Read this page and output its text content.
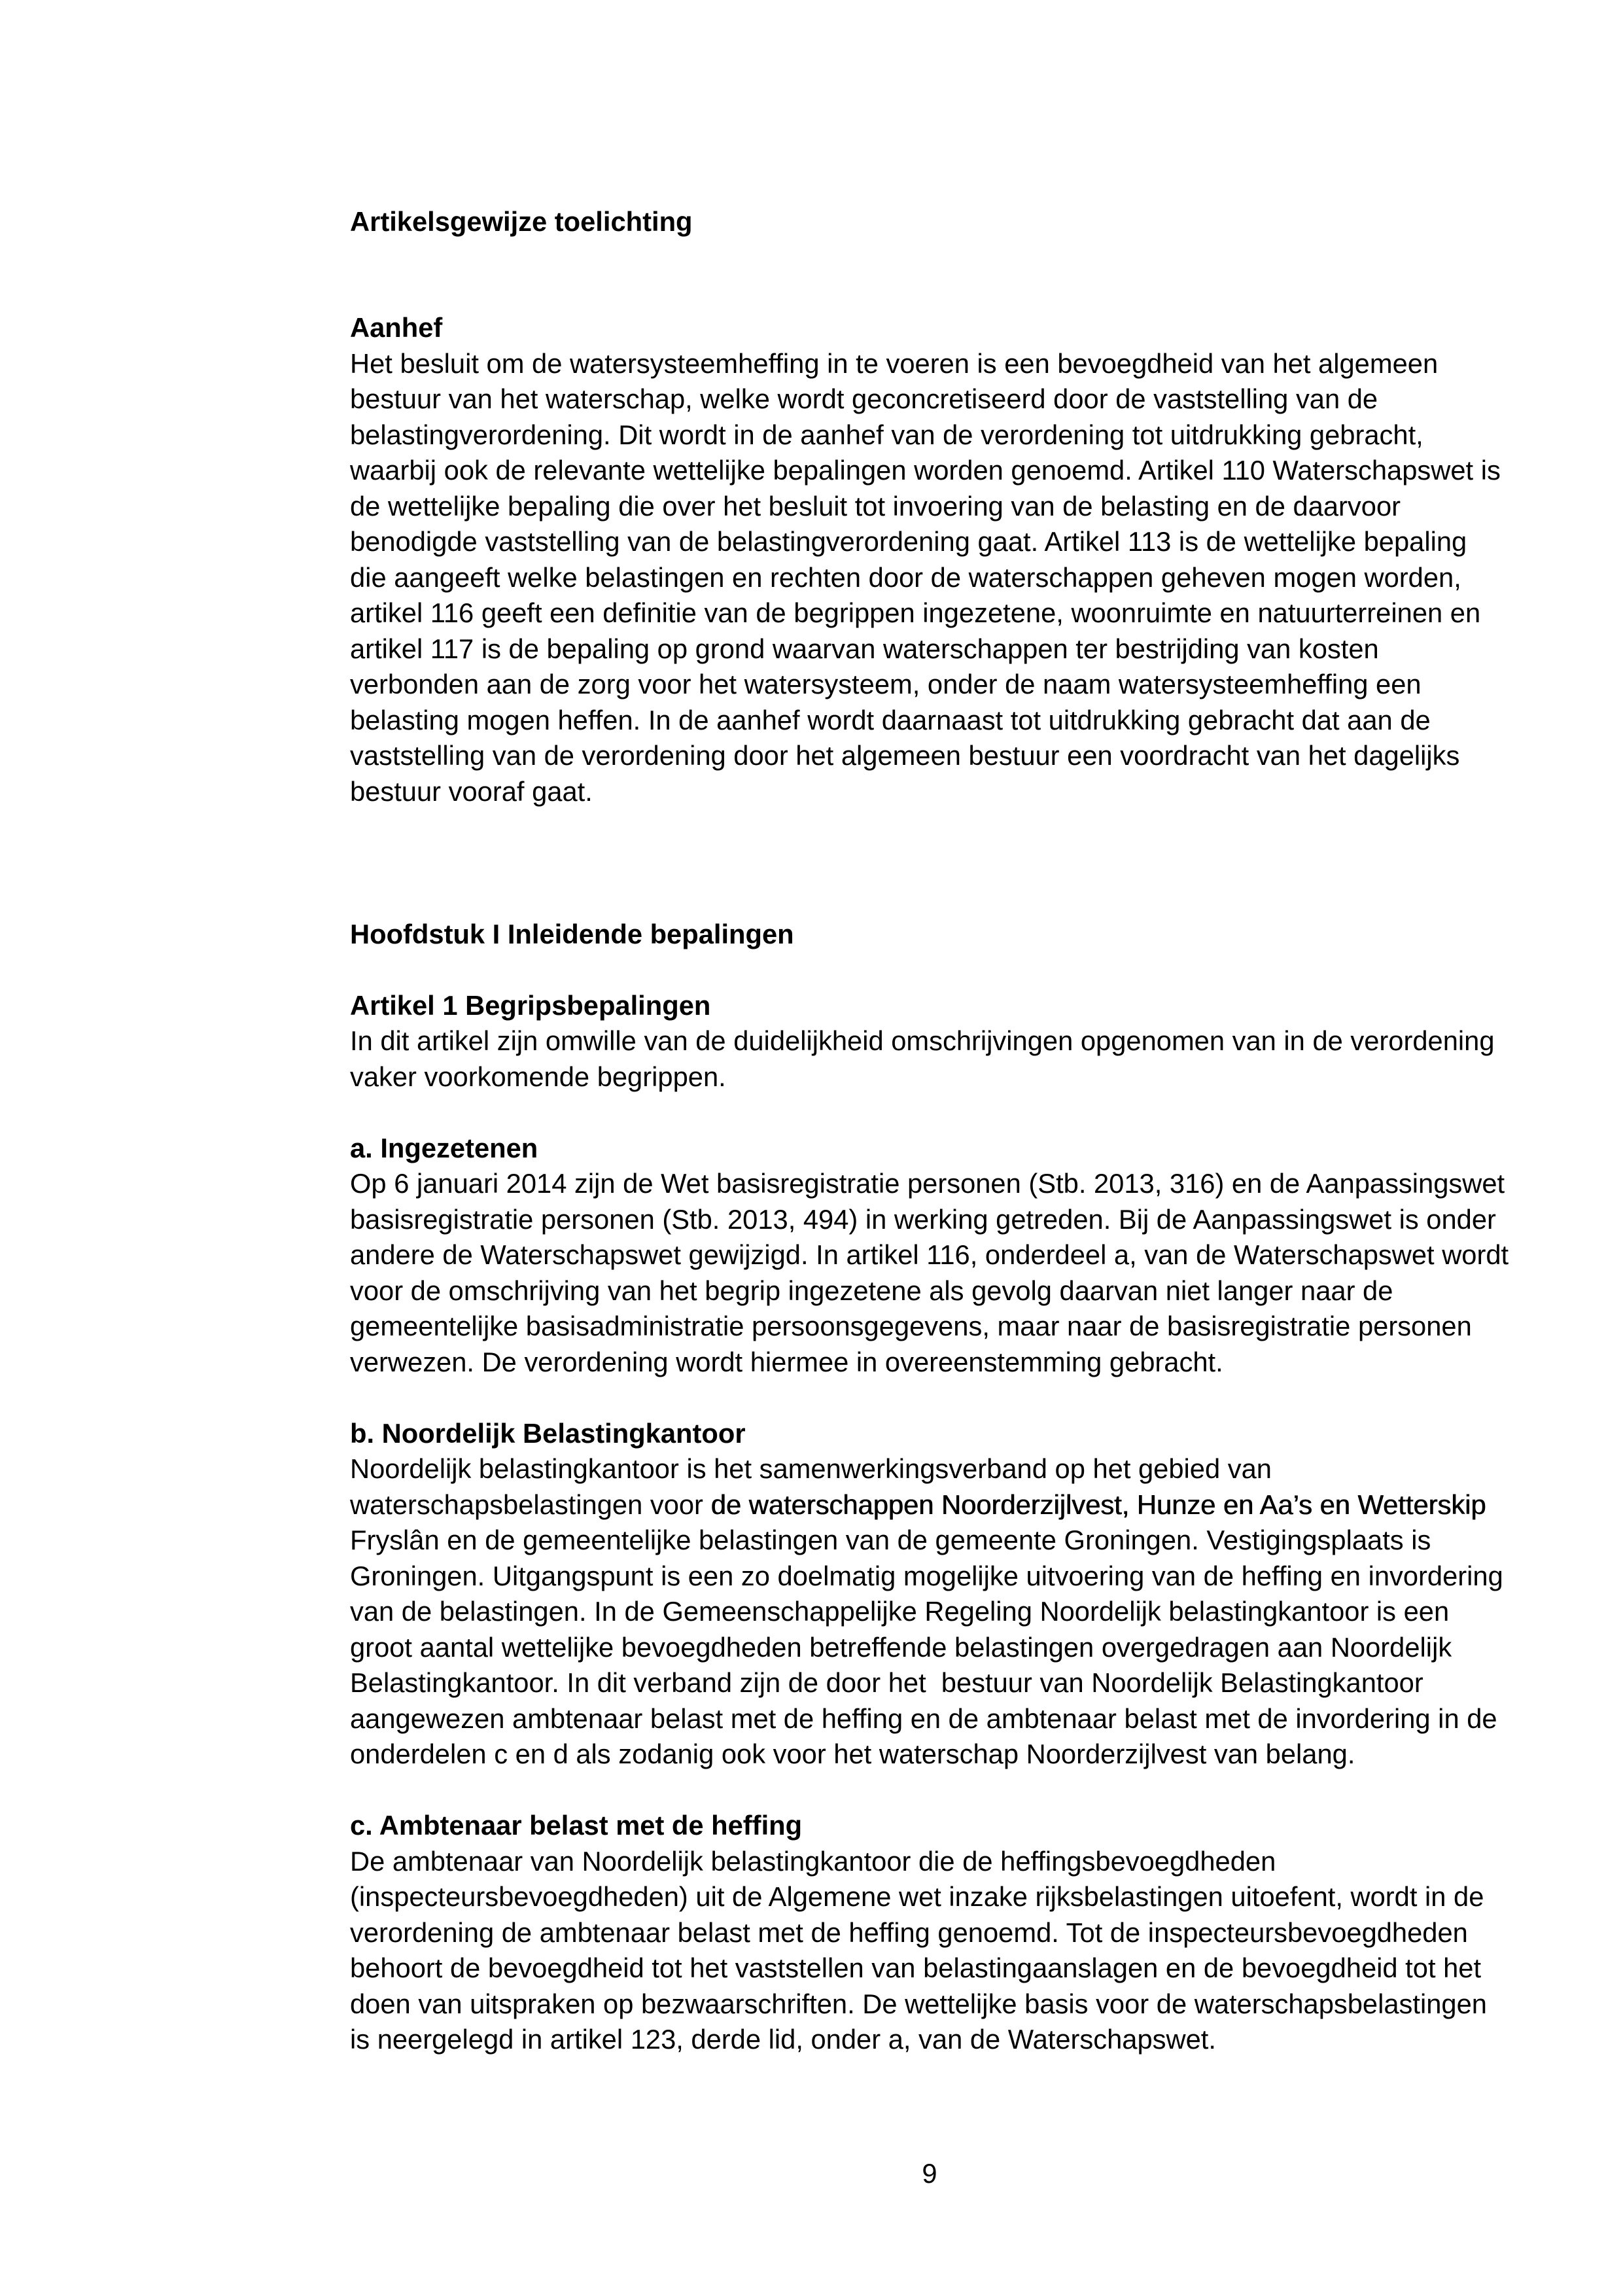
Artikelsgewijze toelichting
Aanhef

Het besluit om de watersysteemheffing in te voeren is een bevoegdheid van het algemeen bestuur van het waterschap, welke wordt geconcretiseerd door de vaststelling van de belastingverordening. Dit wordt in de aanhef van de verordening tot uitdrukking gebracht, waarbij ook de relevante wettelijke bepalingen worden genoemd. Artikel 110 Waterschapswet is de wettelijke bepaling die over het besluit tot invoering van de belasting en de daarvoor benodigde vaststelling van de belastingverordening gaat. Artikel 113 is de wettelijke bepaling die aangeeft welke belastingen en rechten door de waterschappen geheven mogen worden, artikel 116 geeft een definitie van de begrippen ingezetene, woonruimte en natuurterreinen en artikel 117 is de bepaling op grond waarvan waterschappen ter bestrijding van kosten verbonden aan de zorg voor het watersysteem, onder de naam watersysteemheffing een belasting mogen heffen. In de aanhef wordt daarnaast tot uitdrukking gebracht dat aan de vaststelling van de verordening door het algemeen bestuur een voordracht van het dagelijks bestuur vooraf gaat.

Hoofdstuk I Inleidende bepalingen
Artikel 1 Begripsbepalingen

In dit artikel zijn omwille van de duidelijkheid omschrijvingen opgenomen van in de verordening vaker voorkomende begrippen.

a. Ingezetenen

Op 6 januari 2014 zijn de Wet basisregistratie personen (Stb. 2013, 316) en de Aanpassingswet basisregistratie personen (Stb. 2013, 494) in werking getreden. Bij de Aanpassingswet is onder andere de Waterschapswet gewijzigd. In artikel 116, onderdeel a, van de Waterschapswet wordt voor de omschrijving van het begrip ingezetene als gevolg daarvan niet langer naar de gemeentelijke basisadministratie persoonsgegevens, maar naar de basisregistratie personen verwezen. De verordening wordt hiermee in overeenstemming gebracht.

b. Noordelijk Belastingkantoor

Noordelijk belastingkantoor is het samenwerkingsverband op het gebied van waterschapsbelastingen voor de waterschappen Noorderzijlvest, Hunze en Aa’s en Wetterskip Fryslân en de gemeentelijke belastingen van de gemeente Groningen. Vestigingsplaats is Groningen. Uitgangspunt is een zo doelmatig mogelijke uitvoering van de heffing en invordering van de belastingen. In de Gemeenschappelijke Regeling Noordelijk belastingkantoor is een groot aantal wettelijke bevoegdheden betreffende belastingen overgedragen aan Noordelijk Belastingkantoor. In dit verband zijn de door het  bestuur van Noordelijk Belastingkantoor aangewezen ambtenaar belast met de heffing en de ambtenaar belast met de invordering in de onderdelen c en d als zodanig ook voor het waterschap Noorderzijlvest van belang.

c. Ambtenaar belast met de heffing

De ambtenaar van Noordelijk belastingkantoor die de heffingsbevoegdheden (inspecteursbevoegdheden) uit de Algemene wet inzake rijksbelastingen uitoefent, wordt in de verordening de ambtenaar belast met de heffing genoemd. Tot de inspecteursbevoegdheden behoort de bevoegdheid tot het vaststellen van belastingaanslagen en de bevoegdheid tot het doen van uitspraken op bezwaarschriften. De wettelijke basis voor de waterschapsbelastingen is neergelegd in artikel 123, derde lid, onder a, van de Waterschapswet.

9
